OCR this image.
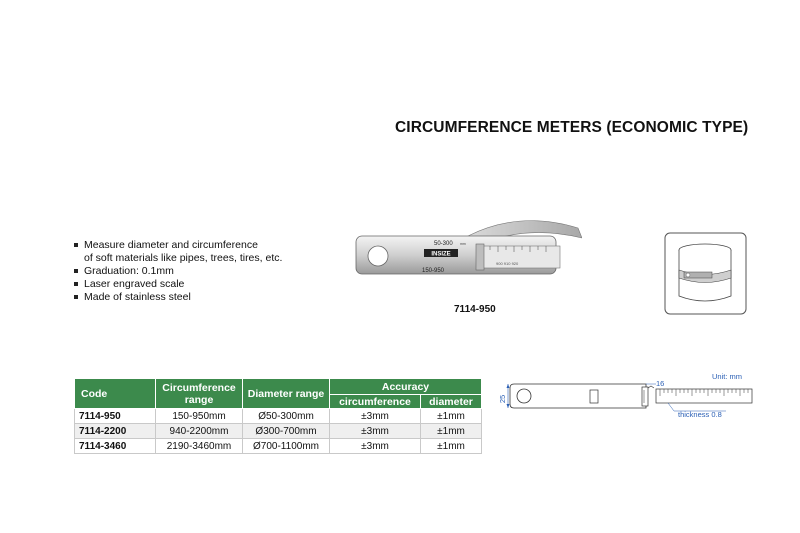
CIRCUMFERENCE METERS (ECONOMIC TYPE)
Measure diameter and circumference
of soft materials like pipes, trees, tires, etc.
Graduation: 0.1mm
Laser engraved scale
Made of stainless steel
INSIZE
50-300 mm
150-950
900 910 920
7114-950
Code	Circumference range	Diameter range	Accuracy	
			circumference	diameter
7114-950	150-950mm	Ø50-300mm	±3mm	±1mm
7114-2200	940-2200mm	Ø300-700mm	±3mm	±1mm
7114-3460	2190-3460mm	Ø700-1100mm	±3mm	±1mm
Unit: mm
25
16
thickness 0.8
